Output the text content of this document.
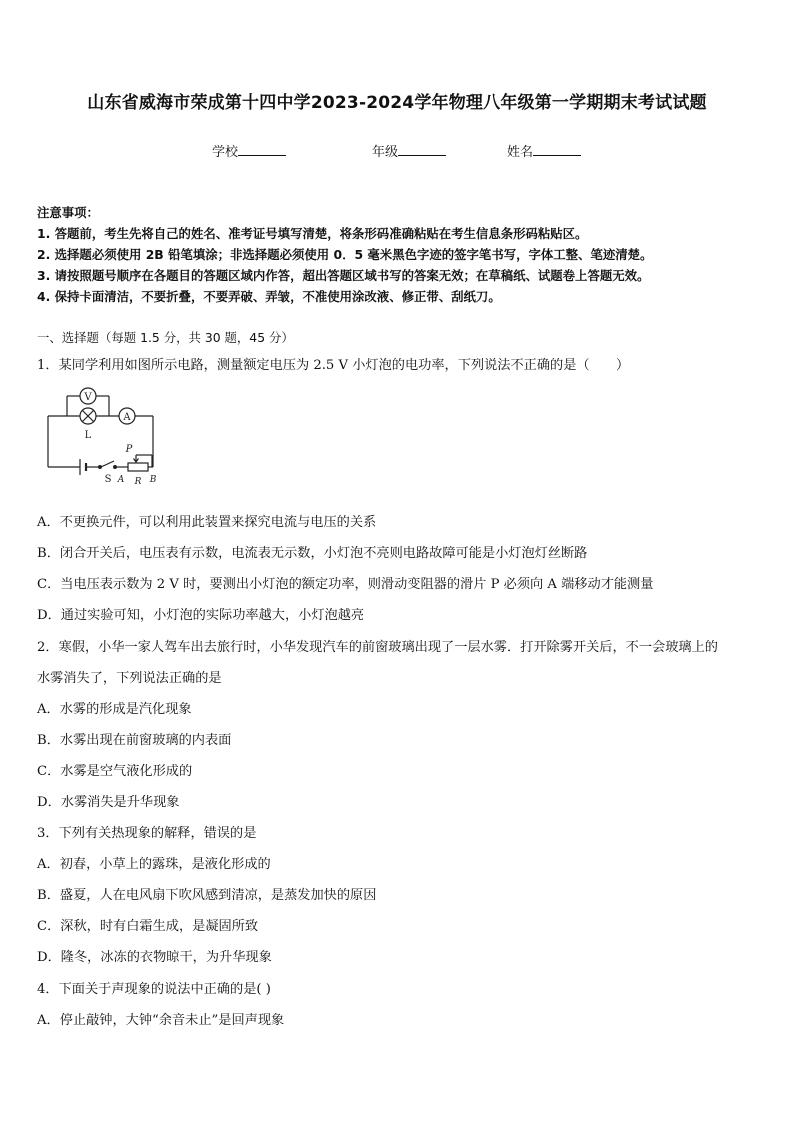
山东省威海市荣成第十四中学2023-2024学年物理八年级第一学期期末考试试题
学校	年级	姓名
注意事项：
1. 答题前，考生先将自己的姓名、准考证号填写清楚，将条形码准确粘贴在考生信息条形码粘贴区。
2. 选择题必须使用 2B 铅笔填涂；非选择题必须使用 0．5 毫米黑色字迹的签字笔书写，字体工整、笔迹清楚。
3. 请按照题号顺序在各题目的答题区域内作答，超出答题区域书写的答案无效；在草稿纸、试题卷上答题无效。
4. 保持卡面清洁，不要折叠，不要弄破、弄皱，不准使用涂改液、修正带、刮纸刀。
一、选择题（每题 1.5 分，共 30 题，45 分）
1．某同学利用如图所示电路，测量额定电压为 2.5 V 小灯泡的电功率，下列说法不正确的是（　　）
V
A
L
S
P
A R B
A．不更换元件，可以利用此装置来探究电流与电压的关系
B．闭合开关后，电压表有示数，电流表无示数，小灯泡不亮则电路故障可能是小灯泡灯丝断路
C．当电压表示数为 2 V 时，要测出小灯泡的额定功率，则滑动变阻器的滑片 P 必须向 A 端移动才能测量
D．通过实验可知，小灯泡的实际功率越大，小灯泡越亮
2．寒假，小华一家人驾车出去旅行时，小华发现汽车的前窗玻璃出现了一层水雾．打开除雾开关后，不一会玻璃上的
水雾消失了，下列说法正确的是
A．水雾的形成是汽化现象
B．水雾出现在前窗玻璃的内表面
C．水雾是空气液化形成的
D．水雾消失是升华现象
3．下列有关热现象的解释，错误的是
A．初春，小草上的露珠，是液化形成的
B．盛夏，人在电风扇下吹风感到清凉，是蒸发加快的原因
C．深秋，时有白霜生成，是凝固所致
D．隆冬，冰冻的衣物晾干，为升华现象
4．下面关于声现象的说法中正确的是( )
A．停止敲钟，大钟“余音未止”是回声现象
